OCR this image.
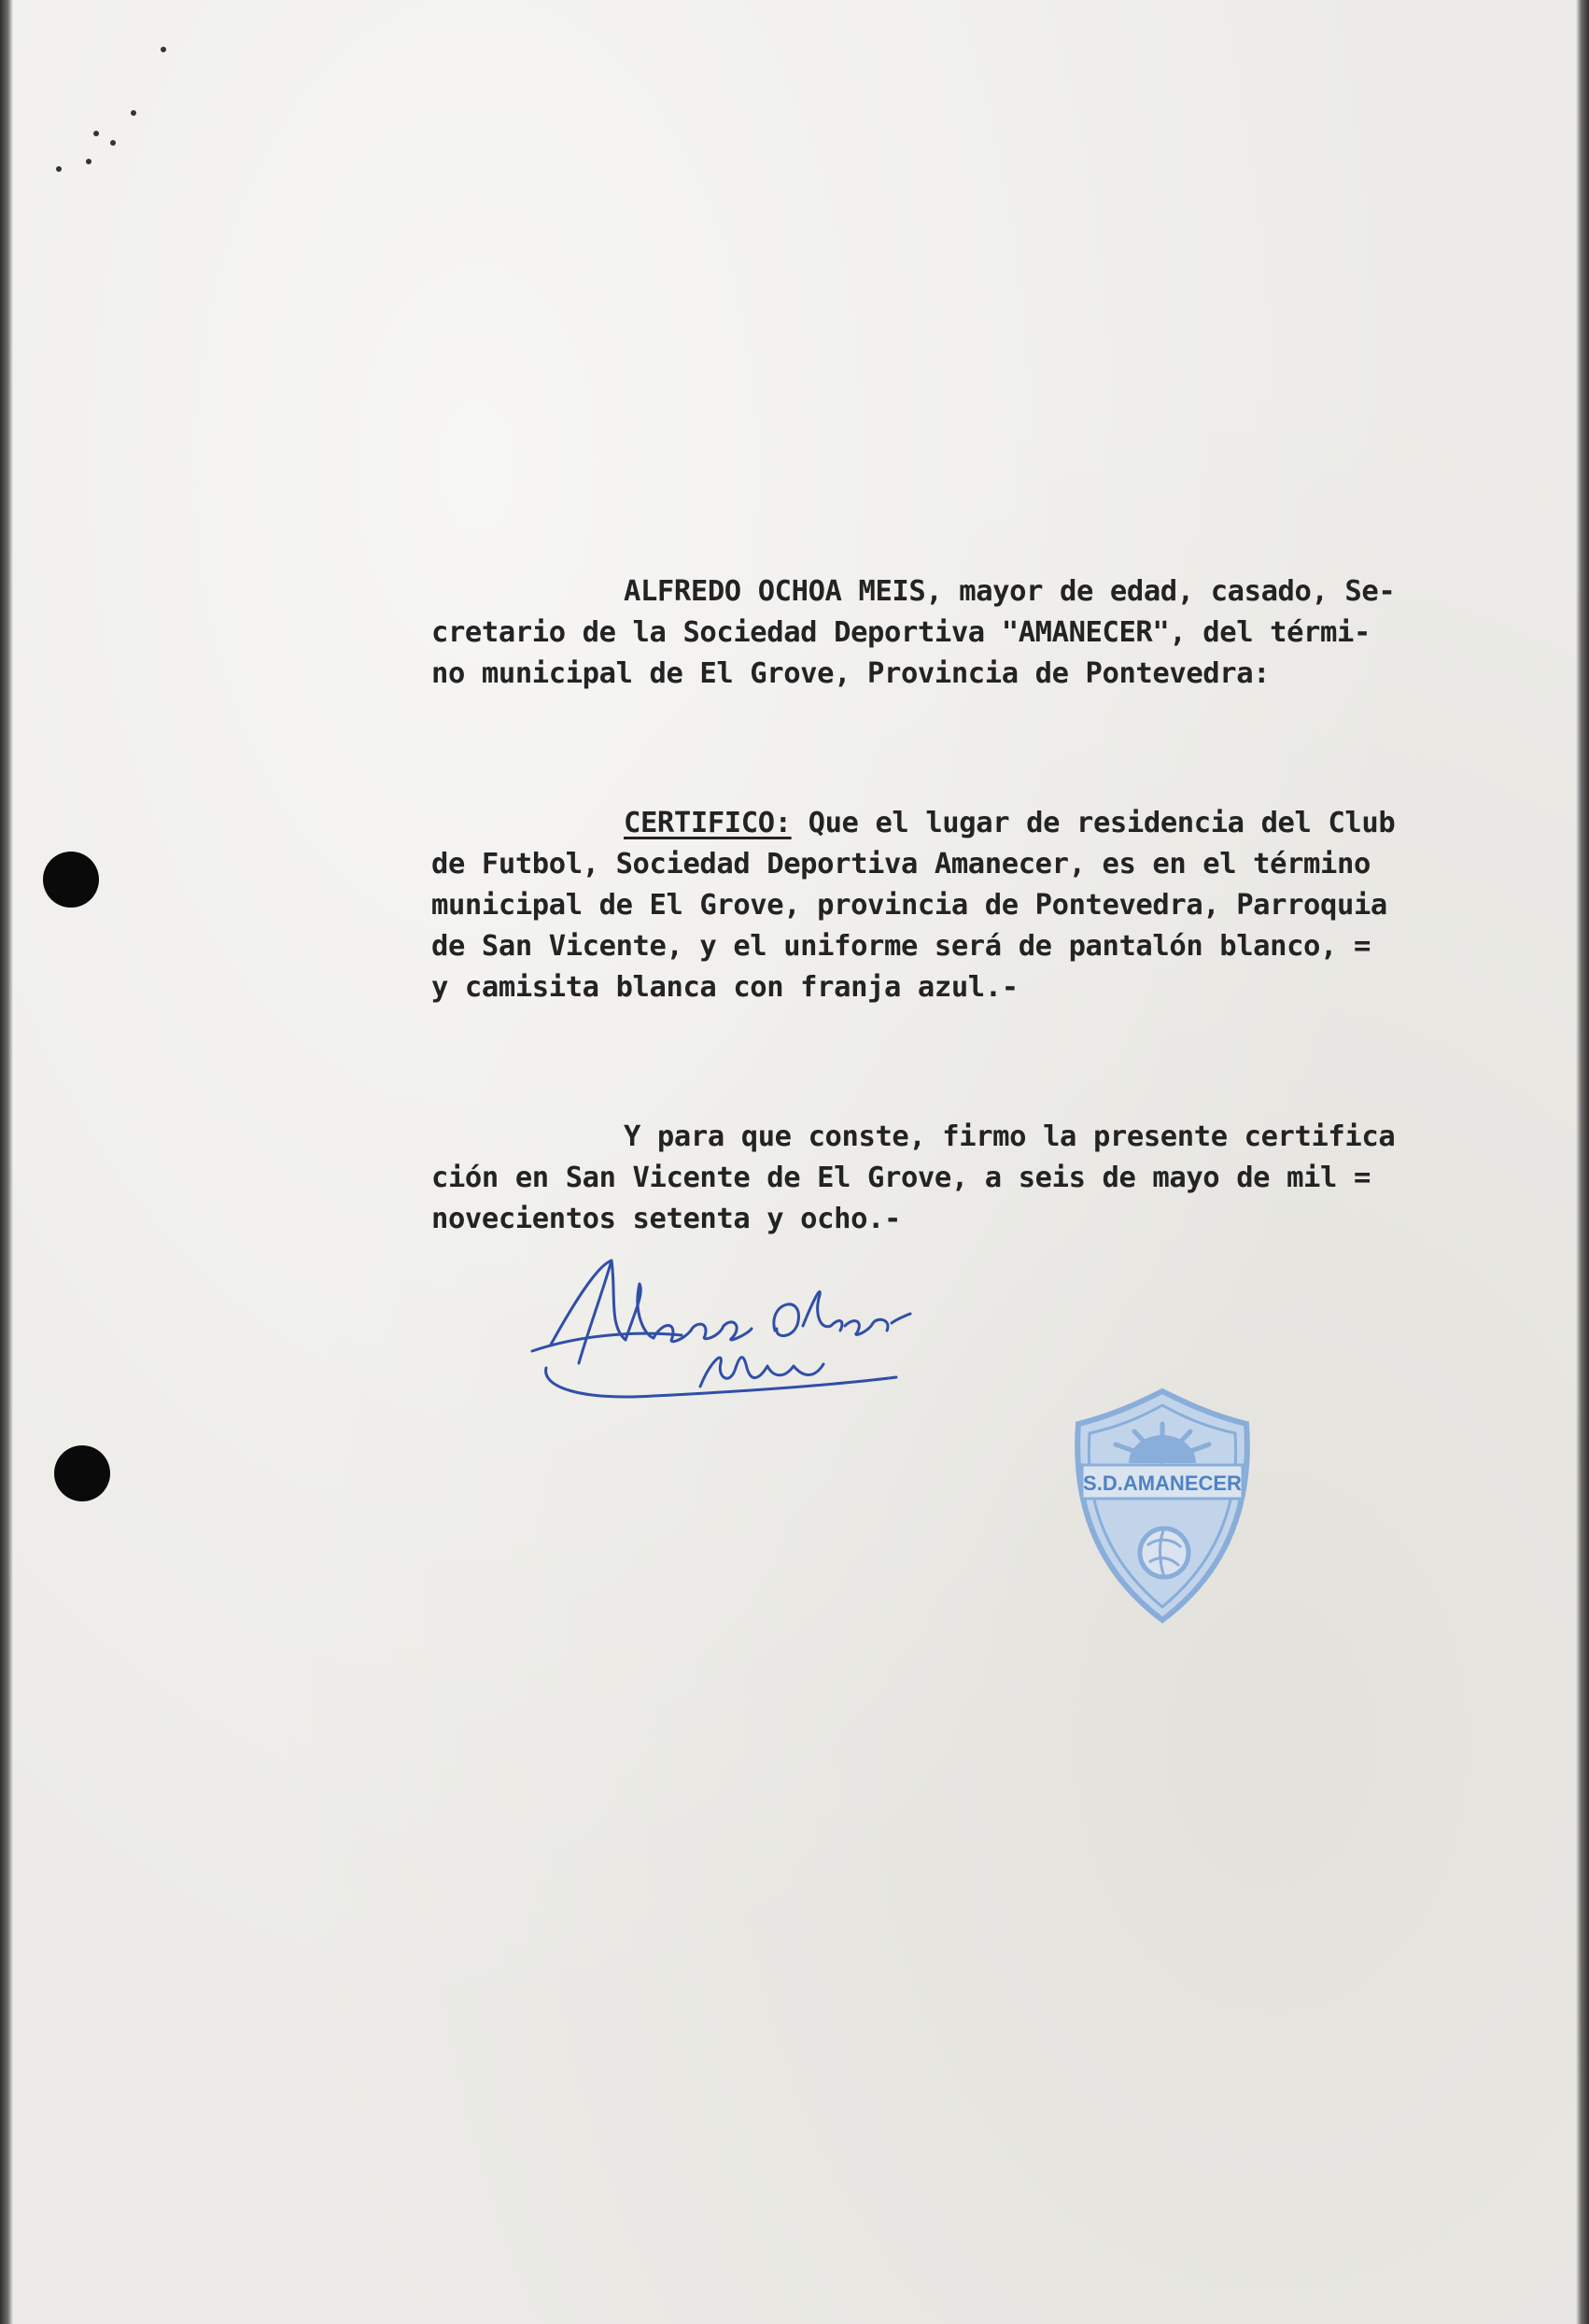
ALFREDO OCHOA MEIS, mayor de edad, casado, Se-
cretario de la Sociedad Deportiva "AMANECER", del térmi-
no municipal de El Grove, Provincia de Pontevedra:
CERTIFICO: Que el lugar de residencia del Club
de Futbol, Sociedad Deportiva Amanecer, es en el término
municipal de El Grove, provincia de Pontevedra, Parroquia
de San Vicente, y el uniforme será de pantalón blanco, =
y camisita blanca con franja azul.-
Y para que conste, firmo la presente certifica
ción en San Vicente de El Grove, a seis de mayo de mil =
novecientos setenta y ocho.-
S.D.AMANECER
